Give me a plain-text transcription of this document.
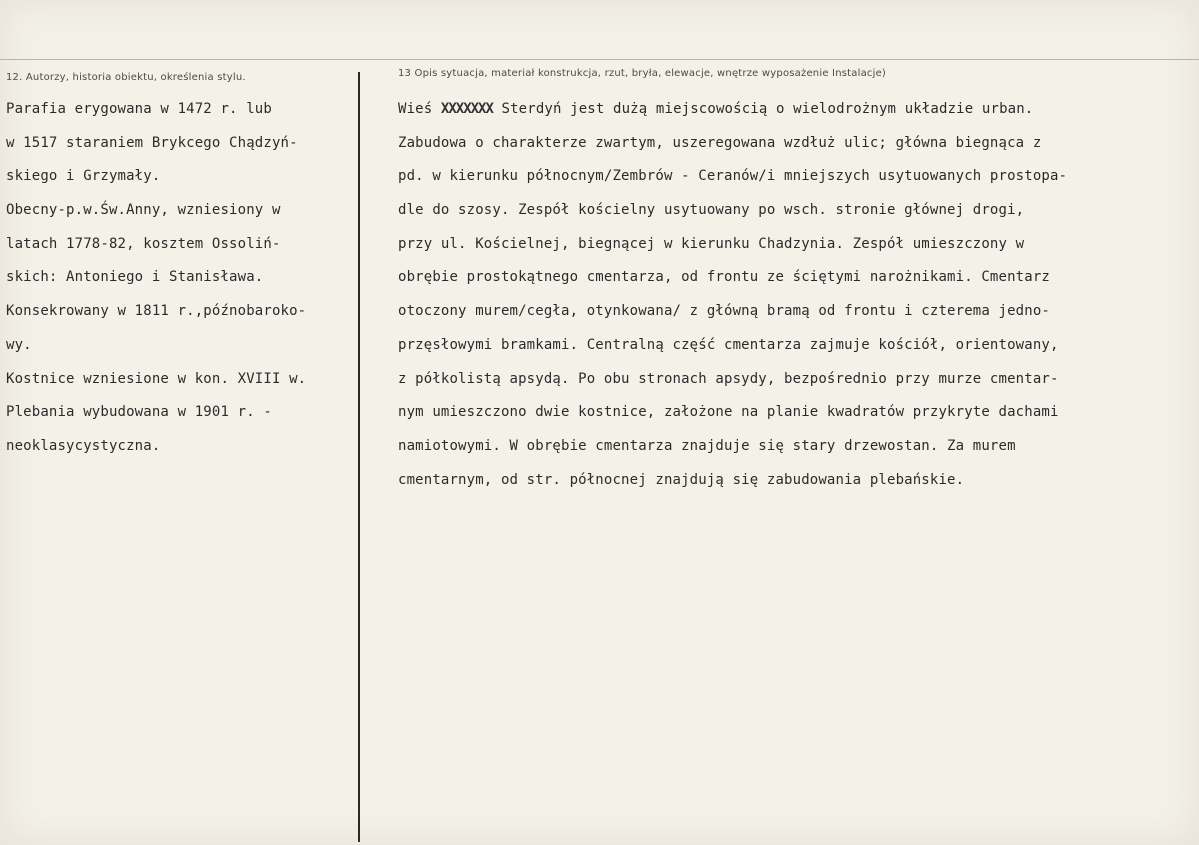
12. Autorzy, historia obiektu, określenia stylu.	13 Opis sytuacja, materiał konstrukcja, rzut, bryła, elewacje, wnętrze wyposażenie Instalacje)
Parafia erygowana w 1472 r. lub
w 1517 staraniem Brykcego Chądzyń-
skiego i Grzymały.
Obecny-p.w.Św.Anny, wzniesiony w
latach 1778-82, kosztem Ossoliń-
skich: Antoniego i Stanisława.
Konsekrowany w 1811 r.,późnobaroko-
wy.
Kostnice wzniesione w kon. XVIII w.
Plebania wybudowana w 1901 r. -
neoklasycystyczna.
Wieś XXXXXXX Sterdyń jest dużą miejscowością o wielodrożnym układzie urban.
Zabudowa o charakterze zwartym, uszeregowana wzdłuż ulic; główna biegnąca z
pd. w kierunku północnym/Zembrów - Ceranów/i mniejszych usytuowanych prostopa-
dle do szosy. Zespół kościelny usytuowany po wsch. stronie głównej drogi,
przy ul. Kościelnej, biegnącej w kierunku Chadzynia. Zespół umieszczony w
obrębie prostokątnego cmentarza, od frontu ze ściętymi narożnikami. Cmentarz
otoczony murem/cegła, otynkowana/ z główną bramą od frontu i czterema jedno-
przęsłowymi bramkami. Centralną część cmentarza zajmuje kościół, orientowany,
z półkolistą apsydą. Po obu stronach apsydy, bezpośrednio przy murze cmentar-
nym umieszczono dwie kostnice, założone na planie kwadratów przykryte dachami
namiotowymi. W obrębie cmentarza znajduje się stary drzewostan. Za murem
cmentarnym, od str. północnej znajdują się zabudowania plebańskie.
